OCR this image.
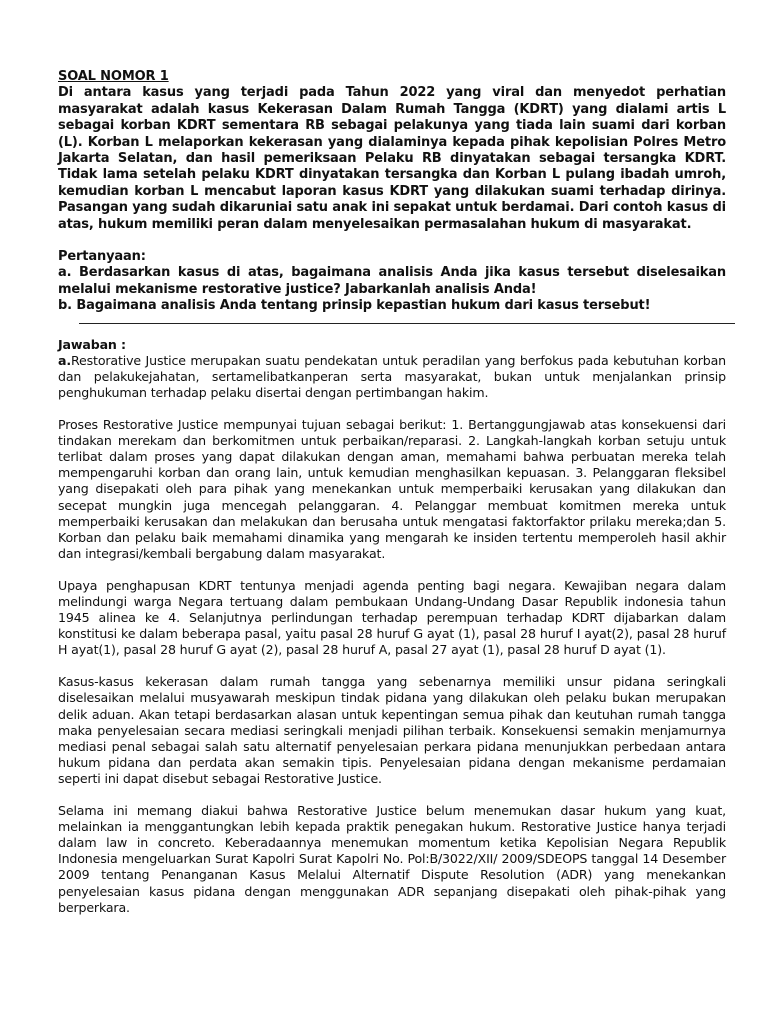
SOAL NOMOR 1

Di antara kasus yang terjadi pada Tahun 2022 yang viral dan menyedot perhatian masyarakat adalah kasus Kekerasan Dalam Rumah Tangga (KDRT) yang dialami artis L sebagai korban KDRT sementara RB sebagai pelakunya yang tiada lain suami dari korban (L). Korban L melaporkan kekerasan yang dialaminya kepada pihak kepolisian Polres Metro Jakarta Selatan, dan hasil pemeriksaan Pelaku RB dinyatakan sebagai tersangka KDRT. Tidak lama setelah pelaku KDRT dinyatakan tersangka dan Korban L pulang ibadah umroh, kemudian korban L mencabut laporan kasus KDRT yang dilakukan suami terhadap dirinya. Pasangan yang sudah dikaruniai satu anak ini sepakat untuk berdamai. Dari contoh kasus di atas, hukum memiliki peran dalam menyelesaikan permasalahan hukum di masyarakat.

Pertanyaan:

a. Berdasarkan kasus di atas, bagaimana analisis Anda jika kasus tersebut diselesaikan melalui mekanisme restorative justice? Jabarkanlah analisis Anda!

b. Bagaimana analisis Anda tentang prinsip kepastian hukum dari kasus tersebut!

Jawaban :

a.Restorative Justice merupakan suatu pendekatan untuk peradilan yang berfokus pada kebutuhan korban dan pelakukejahatan, sertamelibatkanperan serta masyarakat, bukan untuk menjalankan prinsip penghukuman terhadap pelaku disertai dengan pertimbangan hakim.

Proses Restorative Justice mempunyai tujuan sebagai berikut: 1. Bertanggungjawab atas konsekuensi dari tindakan merekam dan berkomitmen untuk perbaikan/reparasi. 2. Langkah-langkah korban setuju untuk terlibat dalam proses yang dapat dilakukan dengan aman, memahami bahwa perbuatan mereka telah mempengaruhi korban dan orang lain, untuk kemudian menghasilkan kepuasan. 3. Pelanggaran fleksibel yang disepakati oleh para pihak yang menekankan untuk memperbaiki kerusakan yang dilakukan dan secepat mungkin juga mencegah pelanggaran. 4. Pelanggar membuat komitmen mereka untuk memperbaiki kerusakan dan melakukan dan berusaha untuk mengatasi faktorfaktor prilaku mereka;dan 5. Korban dan pelaku baik memahami dinamika yang mengarah ke insiden tertentu memperoleh hasil akhir dan integrasi/kembali bergabung dalam masyarakat.

Upaya penghapusan KDRT tentunya menjadi agenda penting bagi negara. Kewajiban negara dalam melindungi warga Negara tertuang dalam pembukaan Undang-Undang Dasar Republik indonesia tahun 1945 alinea ke 4. Selanjutnya perlindungan terhadap perempuan terhadap KDRT dijabarkan dalam konstitusi ke dalam beberapa pasal, yaitu pasal 28 huruf G ayat (1), pasal 28 huruf I ayat(2), pasal 28 huruf H ayat(1), pasal 28 huruf G ayat (2), pasal 28 huruf A, pasal 27 ayat (1), pasal 28 huruf D ayat (1).

Kasus-kasus kekerasan dalam rumah tangga yang sebenarnya memiliki unsur pidana seringkali diselesaikan melalui musyawarah meskipun tindak pidana yang dilakukan oleh pelaku bukan merupakan delik aduan. Akan tetapi berdasarkan alasan untuk kepentingan semua pihak dan keutuhan rumah tangga maka penyelesaian secara mediasi seringkali menjadi pilihan terbaik. Konsekuensi semakin menjamurnya mediasi penal sebagai salah satu alternatif penyelesaian perkara pidana menunjukkan perbedaan antara hukum pidana dan perdata akan semakin tipis. Penyelesaian pidana dengan mekanisme perdamaian seperti ini dapat disebut sebagai Restorative Justice.

Selama ini memang diakui bahwa Restorative Justice belum menemukan dasar hukum yang kuat, melainkan ia menggantungkan lebih kepada praktik penegakan hukum. Restorative Justice hanya terjadi dalam law in concreto. Keberadaannya menemukan momentum ketika Kepolisian Negara Republik Indonesia mengeluarkan Surat Kapolri Surat Kapolri No. Pol:B/3022/XII/ 2009/SDEOPS tanggal 14 Desember 2009 tentang Penanganan Kasus Melalui Alternatif Dispute Resolution (ADR) yang menekankan penyelesaian kasus pidana dengan menggunakan ADR sepanjang disepakati oleh pihak-pihak yang berperkara.
